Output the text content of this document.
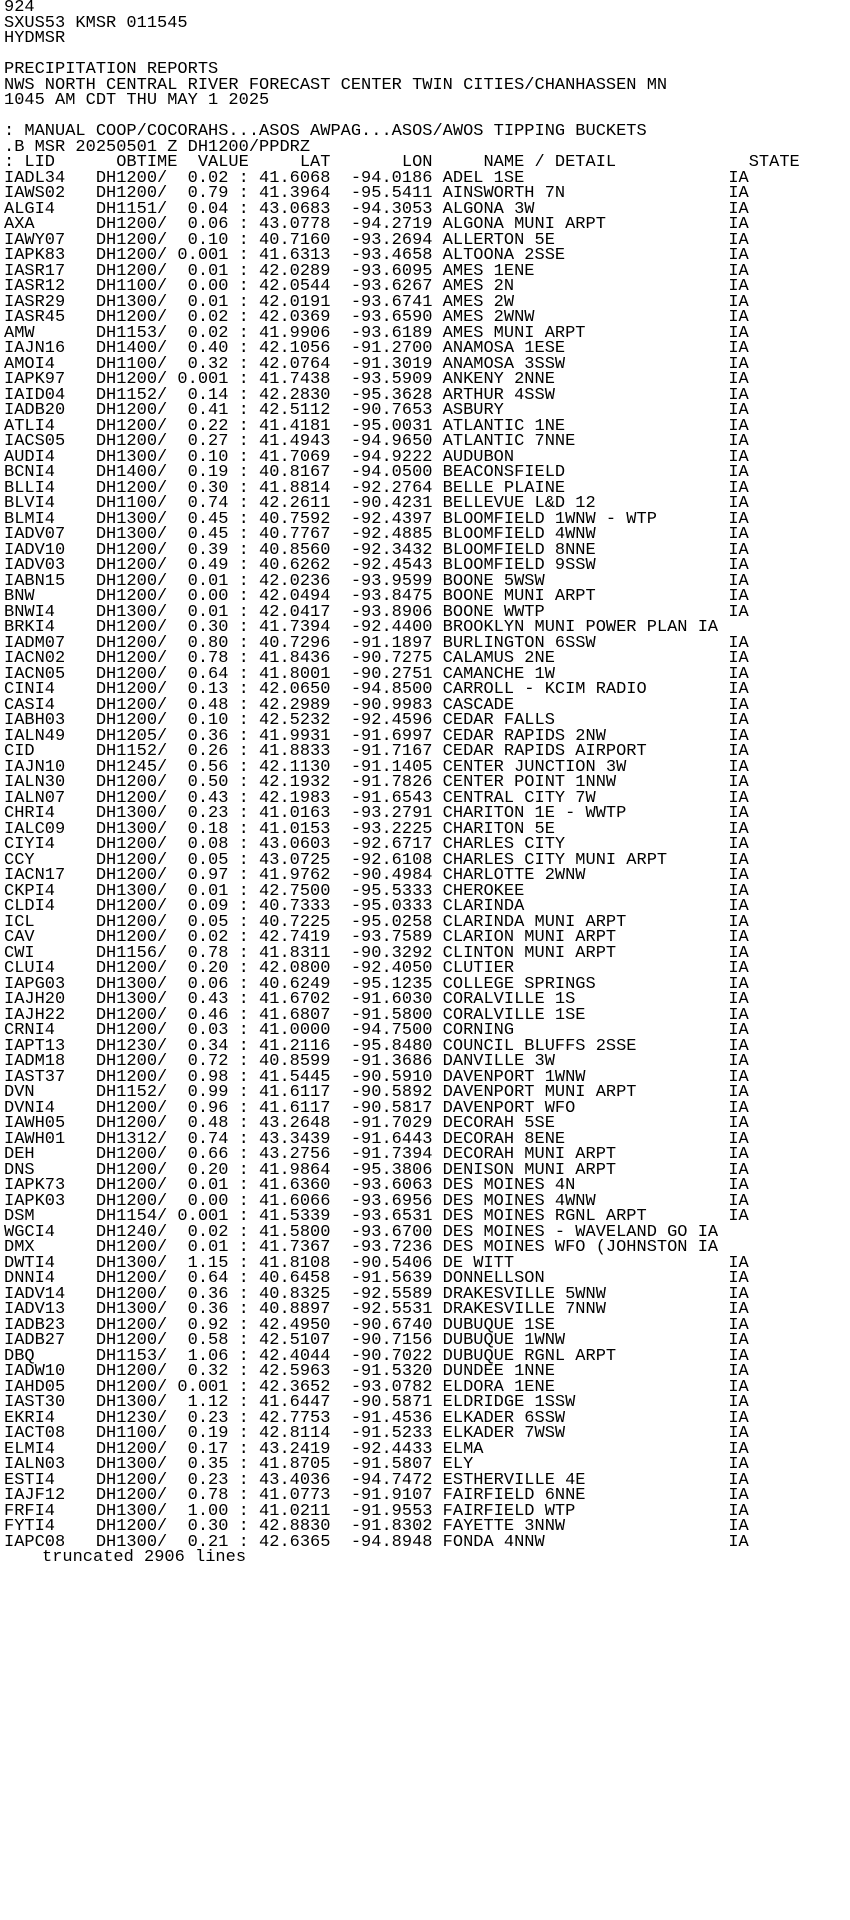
924
SXUS53 KMSR 011545
HYDMSR
PRECIPITATION REPORTS
NWS NORTH CENTRAL RIVER FORECAST CENTER TWIN CITIES/CHANHASSEN MN
1045 AM CDT THU MAY 1 2025
: MANUAL COOP/COCORAHS...ASOS AWPAG...ASOS/AWOS TIPPING BUCKETS
.B MSR 20250501 Z DH1200/PPDRZ
: LID      OBTIME  VALUE     LAT       LON     NAME / DETAIL             STATE
IADL34   DH1200/  0.02 : 41.6068  -94.0186 ADEL 1SE                    IA
IAWS02   DH1200/  0.79 : 41.3964  -95.5411 AINSWORTH 7N                IA
ALGI4    DH1151/  0.04 : 43.0683  -94.3053 ALGONA 3W                   IA
AXA      DH1200/  0.06 : 43.0778  -94.2719 ALGONA MUNI ARPT            IA
IAWY07   DH1200/  0.10 : 40.7160  -93.2694 ALLERTON 5E                 IA
IAPK83   DH1200/ 0.001 : 41.6313  -93.4658 ALTOONA 2SSE                IA
IASR17   DH1200/  0.01 : 42.0289  -93.6095 AMES 1ENE                   IA
IASR12   DH1100/  0.00 : 42.0544  -93.6267 AMES 2N                     IA
IASR29   DH1300/  0.01 : 42.0191  -93.6741 AMES 2W                     IA
IASR45   DH1200/  0.02 : 42.0369  -93.6590 AMES 2WNW                   IA
AMW      DH1153/  0.02 : 41.9906  -93.6189 AMES MUNI ARPT              IA
IAJN16   DH1400/  0.40 : 42.1056  -91.2700 ANAMOSA 1ESE                IA
AMOI4    DH1100/  0.32 : 42.0764  -91.3019 ANAMOSA 3SSW                IA
IAPK97   DH1200/ 0.001 : 41.7438  -93.5909 ANKENY 2NNE                 IA
IAID04   DH1152/  0.14 : 42.2830  -95.3628 ARTHUR 4SSW                 IA
IADB20   DH1200/  0.41 : 42.5112  -90.7653 ASBURY                      IA
ATLI4    DH1200/  0.22 : 41.4181  -95.0031 ATLANTIC 1NE                IA
IACS05   DH1200/  0.27 : 41.4943  -94.9650 ATLANTIC 7NNE               IA
AUDI4    DH1300/  0.10 : 41.7069  -94.9222 AUDUBON                     IA
BCNI4    DH1400/  0.19 : 40.8167  -94.0500 BEACONSFIELD                IA
BLLI4    DH1200/  0.30 : 41.8814  -92.2764 BELLE PLAINE                IA
BLVI4    DH1100/  0.74 : 42.2611  -90.4231 BELLEVUE L&D 12             IA
BLMI4    DH1300/  0.45 : 40.7592  -92.4397 BLOOMFIELD 1WNW - WTP       IA
IADV07   DH1300/  0.45 : 40.7767  -92.4885 BLOOMFIELD 4WNW             IA
IADV10   DH1200/  0.39 : 40.8560  -92.3432 BLOOMFIELD 8NNE             IA
IADV03   DH1200/  0.49 : 40.6262  -92.4543 BLOOMFIELD 9SSW             IA
IABN15   DH1200/  0.01 : 42.0236  -93.9599 BOONE 5WSW                  IA
BNW      DH1200/  0.00 : 42.0494  -93.8475 BOONE MUNI ARPT             IA
BNWI4    DH1300/  0.01 : 42.0417  -93.8906 BOONE WWTP                  IA
BRKI4    DH1200/  0.30 : 41.7394  -92.4400 BROOKLYN MUNI POWER PLAN IA
IADM07   DH1200/  0.80 : 40.7296  -91.1897 BURLINGTON 6SSW             IA
IACN02   DH1200/  0.78 : 41.8436  -90.7275 CALAMUS 2NE                 IA
IACN05   DH1200/  0.64 : 41.8001  -90.2751 CAMANCHE 1W                 IA
CINI4    DH1200/  0.13 : 42.0650  -94.8500 CARROLL - KCIM RADIO        IA
CASI4    DH1200/  0.48 : 42.2989  -90.9983 CASCADE                     IA
IABH03   DH1200/  0.10 : 42.5232  -92.4596 CEDAR FALLS                 IA
IALN49   DH1205/  0.36 : 41.9931  -91.6997 CEDAR RAPIDS 2NW            IA
CID      DH1152/  0.26 : 41.8833  -91.7167 CEDAR RAPIDS AIRPORT        IA
IAJN10   DH1245/  0.56 : 42.1130  -91.1405 CENTER JUNCTION 3W          IA
IALN30   DH1200/  0.50 : 42.1932  -91.7826 CENTER POINT 1NNW           IA
IALN07   DH1200/  0.43 : 42.1983  -91.6543 CENTRAL CITY 7W             IA
CHRI4    DH1300/  0.23 : 41.0163  -93.2791 CHARITON 1E - WWTP          IA
IALC09   DH1300/  0.18 : 41.0153  -93.2225 CHARITON 5E                 IA
CIYI4    DH1200/  0.08 : 43.0603  -92.6717 CHARLES CITY                IA
CCY      DH1200/  0.05 : 43.0725  -92.6108 CHARLES CITY MUNI ARPT      IA
IACN17   DH1200/  0.97 : 41.9762  -90.4984 CHARLOTTE 2WNW              IA
CKPI4    DH1300/  0.01 : 42.7500  -95.5333 CHEROKEE                    IA
CLDI4    DH1200/  0.09 : 40.7333  -95.0333 CLARINDA                    IA
ICL      DH1200/  0.05 : 40.7225  -95.0258 CLARINDA MUNI ARPT          IA
CAV      DH1200/  0.02 : 42.7419  -93.7589 CLARION MUNI ARPT           IA
CWI      DH1156/  0.78 : 41.8311  -90.3292 CLINTON MUNI ARPT           IA
CLUI4    DH1200/  0.20 : 42.0800  -92.4050 CLUTIER                     IA
IAPG03   DH1300/  0.06 : 40.6249  -95.1235 COLLEGE SPRINGS             IA
IAJH20   DH1300/  0.43 : 41.6702  -91.6030 CORALVILLE 1S               IA
IAJH22   DH1200/  0.46 : 41.6807  -91.5800 CORALVILLE 1SE              IA
CRNI4    DH1200/  0.03 : 41.0000  -94.7500 CORNING                     IA
IAPT13   DH1230/  0.34 : 41.2116  -95.8480 COUNCIL BLUFFS 2SSE         IA
IADM18   DH1200/  0.72 : 40.8599  -91.3686 DANVILLE 3W                 IA
IAST37   DH1200/  0.98 : 41.5445  -90.5910 DAVENPORT 1WNW              IA
DVN      DH1152/  0.99 : 41.6117  -90.5892 DAVENPORT MUNI ARPT         IA
DVNI4    DH1200/  0.96 : 41.6117  -90.5817 DAVENPORT WFO               IA
IAWH05   DH1200/  0.48 : 43.2648  -91.7029 DECORAH 5SE                 IA
IAWH01   DH1312/  0.74 : 43.3439  -91.6443 DECORAH 8ENE                IA
DEH      DH1200/  0.66 : 43.2756  -91.7394 DECORAH MUNI ARPT           IA
DNS      DH1200/  0.20 : 41.9864  -95.3806 DENISON MUNI ARPT           IA
IAPK73   DH1200/  0.01 : 41.6360  -93.6063 DES MOINES 4N               IA
IAPK03   DH1200/  0.00 : 41.6066  -93.6956 DES MOINES 4WNW             IA
DSM      DH1154/ 0.001 : 41.5339  -93.6531 DES MOINES RGNL ARPT        IA
WGCI4    DH1240/  0.02 : 41.5800  -93.6700 DES MOINES - WAVELAND GO IA
DMX      DH1200/  0.01 : 41.7367  -93.7236 DES MOINES WFO (JOHNSTON IA
DWTI4    DH1300/  1.15 : 41.8108  -90.5406 DE WITT                     IA
DNNI4    DH1200/  0.64 : 40.6458  -91.5639 DONNELLSON                  IA
IADV14   DH1200/  0.36 : 40.8325  -92.5589 DRAKESVILLE 5WNW            IA
IADV13   DH1300/  0.36 : 40.8897  -92.5531 DRAKESVILLE 7NNW            IA
IADB23   DH1200/  0.92 : 42.4950  -90.6740 DUBUQUE 1SE                 IA
IADB27   DH1200/  0.58 : 42.5107  -90.7156 DUBUQUE 1WNW                IA
DBQ      DH1153/  1.06 : 42.4044  -90.7022 DUBUQUE RGNL ARPT           IA
IADW10   DH1200/  0.32 : 42.5963  -91.5320 DUNDEE 1NNE                 IA
IAHD05   DH1200/ 0.001 : 42.3652  -93.0782 ELDORA 1ENE                 IA
IAST30   DH1300/  1.12 : 41.6447  -90.5871 ELDRIDGE 1SSW               IA
EKRI4    DH1230/  0.23 : 42.7753  -91.4536 ELKADER 6SSW                IA
IACT08   DH1100/  0.19 : 42.8114  -91.5233 ELKADER 7WSW                IA
ELMI4    DH1200/  0.17 : 43.2419  -92.4433 ELMA                        IA
IALN03   DH1300/  0.35 : 41.8705  -91.5807 ELY                         IA
ESTI4    DH1200/  0.23 : 43.4036  -94.7472 ESTHERVILLE 4E              IA
IAJF12   DH1200/  0.78 : 41.0773  -91.9107 FAIRFIELD 6NNE              IA
FRFI4    DH1300/  1.00 : 41.0211  -91.9553 FAIRFIELD WTP               IA
FYTI4    DH1200/  0.30 : 42.8830  -91.8302 FAYETTE 3NNW                IA
IAPC08   DH1300/  0.21 : 42.6365  -94.8948 FONDA 4NNW                  IA
truncated 2906 lines
